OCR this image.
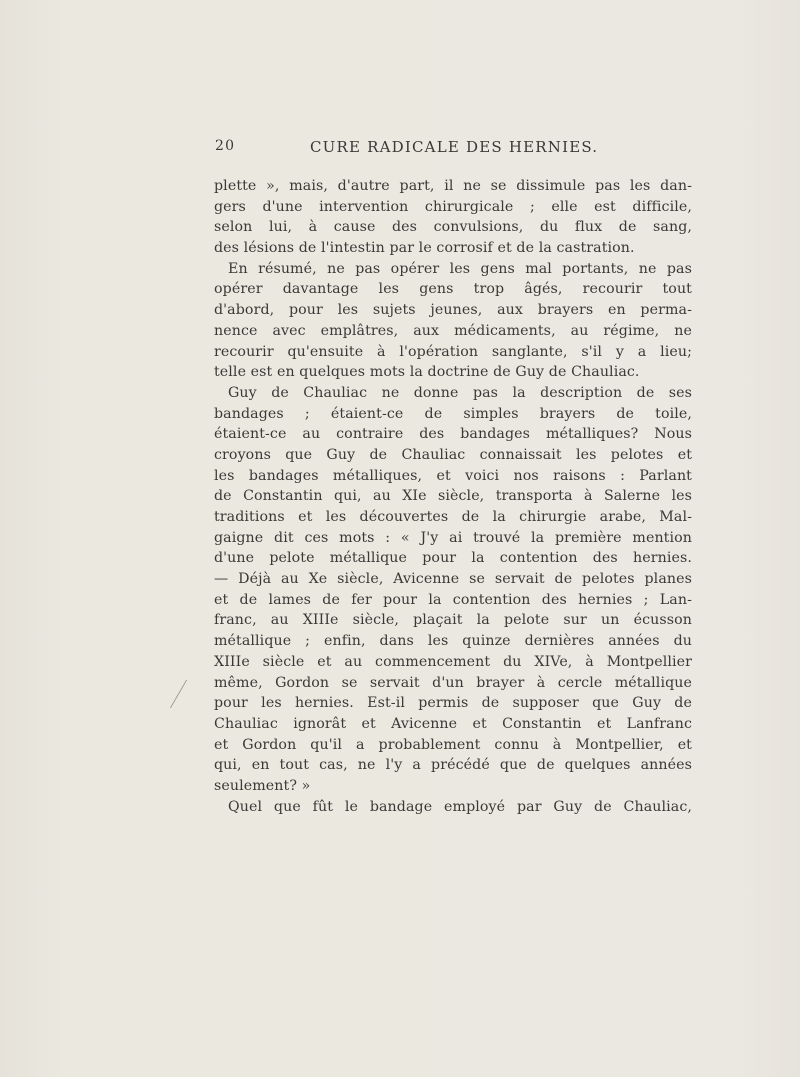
20	CURE RADICALE DES HERNIES.
plette », mais, d'autre part, il ne se dissimule pas les dan-
gers d'une intervention chirurgicale ; elle est difficile,
selon lui, à cause des convulsions, du flux de sang,
des lésions de l'intestin par le corrosif et de la castration.
En résumé, ne pas opérer les gens mal portants, ne pas
opérer davantage les gens trop âgés, recourir tout
d'abord, pour les sujets jeunes, aux brayers en perma-
nence avec emplâtres, aux médicaments, au régime, ne
recourir qu'ensuite à l'opération sanglante, s'il y a lieu;
telle est en quelques mots la doctrine de Guy de Chauliac.
Guy de Chauliac ne donne pas la description de ses
bandages ; étaient-ce de simples brayers de toile,
étaient-ce au contraire des bandages métalliques? Nous
croyons que Guy de Chauliac connaissait les pelotes et
les bandages métalliques, et voici nos raisons : Parlant
de Constantin qui, au XIe siècle, transporta à Salerne les
traditions et les découvertes de la chirurgie arabe, Mal-
gaigne dit ces mots : « J'y ai trouvé la première mention
d'une pelote métallique pour la contention des hernies.
— Déjà au Xe siècle, Avicenne se servait de pelotes planes
et de lames de fer pour la contention des hernies ; Lan-
franc, au XIIIe siècle, plaçait la pelote sur un écusson
métallique ; enfin, dans les quinze dernières années du
XIIIe siècle et au commencement du XIVe, à Montpellier
même, Gordon se servait d'un brayer à cercle métallique
pour les hernies. Est-il permis de supposer que Guy de
Chauliac ignorât et Avicenne et Constantin et Lanfranc
et Gordon qu'il a probablement connu à Montpellier, et
qui, en tout cas, ne l'y a précédé que de quelques années
seulement? »
Quel que fût le bandage employé par Guy de Chauliac,
